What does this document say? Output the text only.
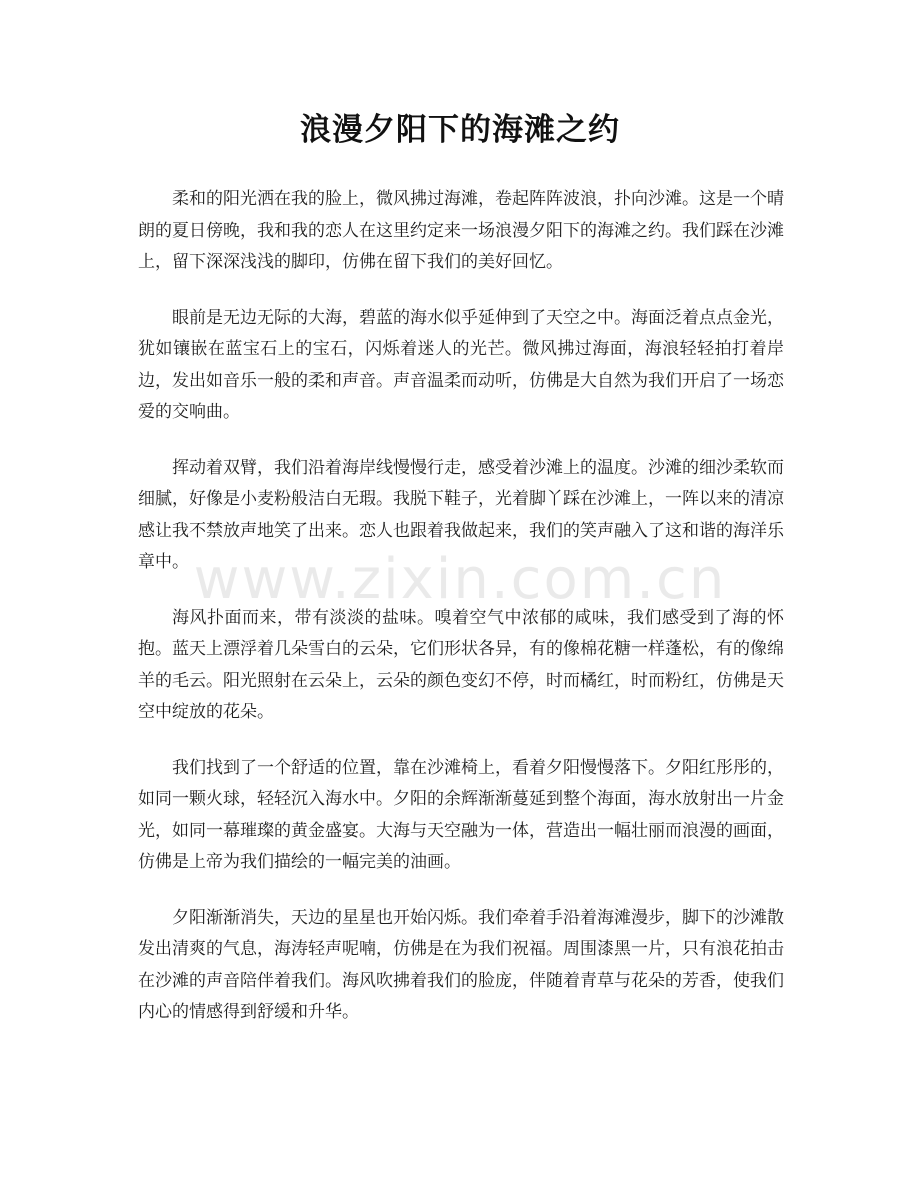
浪漫夕阳下的海滩之约

柔和的阳光洒在我的脸上，微风拂过海滩，卷起阵阵波浪，扑向沙滩。这是一个晴朗的夏日傍晚，我和我的恋人在这里约定来一场浪漫夕阳下的海滩之约。我们踩在沙滩上，留下深深浅浅的脚印，仿佛在留下我们的美好回忆。

眼前是无边无际的大海，碧蓝的海水似乎延伸到了天空之中。海面泛着点点金光，犹如镶嵌在蓝宝石上的宝石，闪烁着迷人的光芒。微风拂过海面，海浪轻轻拍打着岸边，发出如音乐一般的柔和声音。声音温柔而动听，仿佛是大自然为我们开启了一场恋爱的交响曲。

挥动着双臂，我们沿着海岸线慢慢行走，感受着沙滩上的温度。沙滩的细沙柔软而细腻，好像是小麦粉般洁白无瑕。我脱下鞋子，光着脚丫踩在沙滩上，一阵以来的清凉感让我不禁放声地笑了出来。恋人也跟着我做起来，我们的笑声融入了这和谐的海洋乐章中。

海风扑面而来，带有淡淡的盐味。嗅着空气中浓郁的咸味，我们感受到了海的怀抱。蓝天上漂浮着几朵雪白的云朵，它们形状各异，有的像棉花糖一样蓬松，有的像绵羊的毛云。阳光照射在云朵上，云朵的颜色变幻不停，时而橘红，时而粉红，仿佛是天空中绽放的花朵。

我们找到了一个舒适的位置，靠在沙滩椅上，看着夕阳慢慢落下。夕阳红彤彤的，如同一颗火球，轻轻沉入海水中。夕阳的余辉渐渐蔓延到整个海面，海水放射出一片金光，如同一幕璀璨的黄金盛宴。大海与天空融为一体，营造出一幅壮丽而浪漫的画面，仿佛是上帝为我们描绘的一幅完美的油画。

夕阳渐渐消失，天边的星星也开始闪烁。我们牵着手沿着海滩漫步，脚下的沙滩散发出清爽的气息，海涛轻声呢喃，仿佛是在为我们祝福。周围漆黑一片，只有浪花拍击在沙滩的声音陪伴着我们。海风吹拂着我们的脸庞，伴随着青草与花朵的芳香，使我们内心的情感得到舒缓和升华。

www.zixin.com.cn
